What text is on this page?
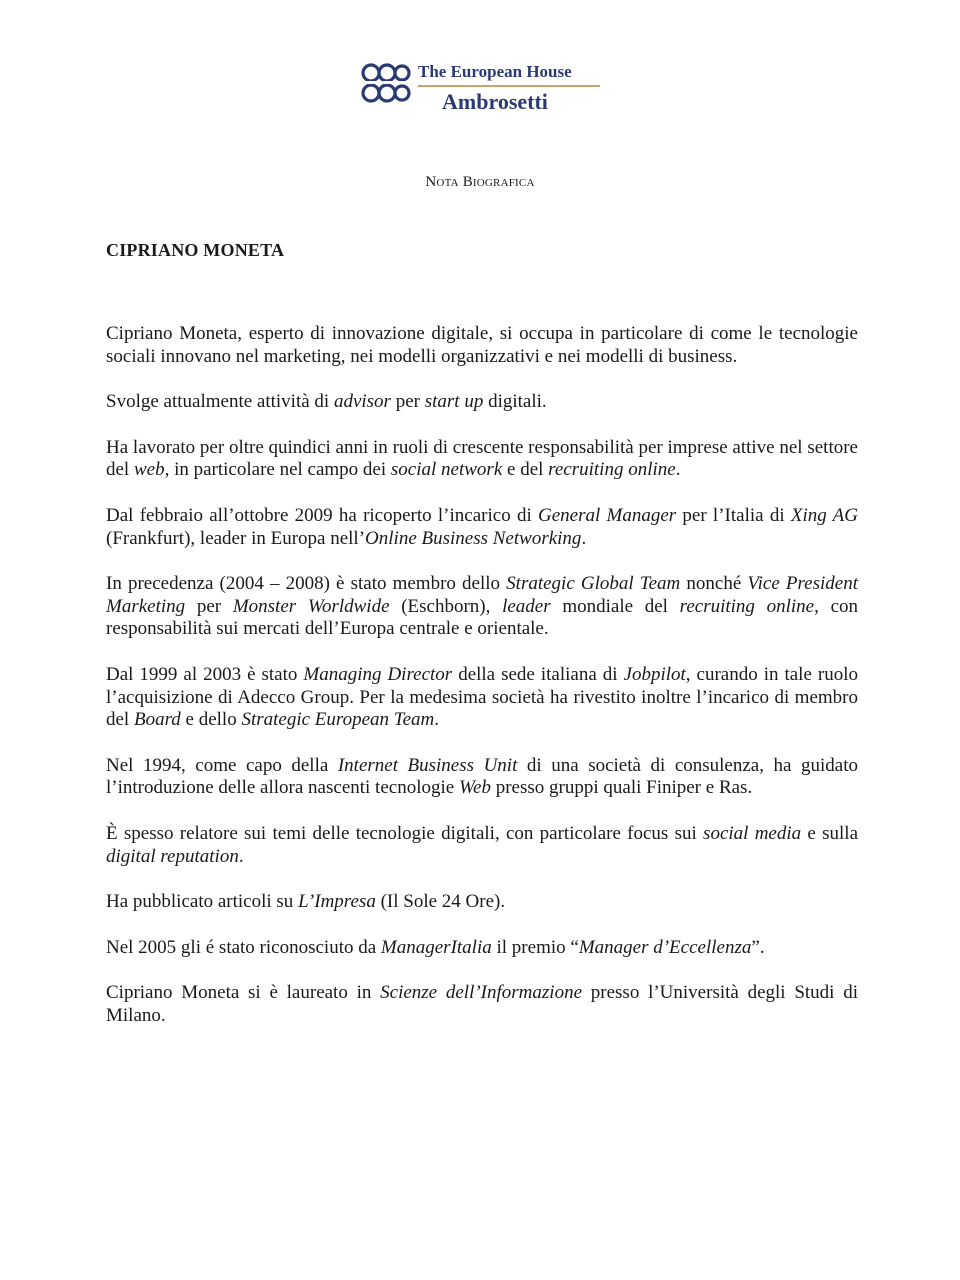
The European House
Ambrosetti
Nota Biografica
CIPRIANO MONETA

Cipriano Moneta, esperto di innovazione digitale, si occupa in particolare di come le tecnologie sociali innovano nel marketing, nei modelli organizzativi e nei modelli di business.

Svolge attualmente attività di advisor per start up digitali.

Ha lavorato per oltre quindici anni in ruoli di crescente responsabilità per imprese attive nel settore del web, in particolare nel campo dei social network e del recruiting online.

Dal febbraio all’ottobre 2009 ha ricoperto l’incarico di General Manager per l’Italia di Xing AG (Frankfurt), leader in Europa nell’Online Business Networking.

In precedenza (2004 – 2008) è stato membro dello Strategic Global Team nonché Vice President Marketing per Monster Worldwide (Eschborn), leader mondiale del recruiting online, con responsabilità sui mercati dell’Europa centrale e orientale.

Dal 1999 al 2003 è stato Managing Director della sede italiana di Jobpilot, curando in tale ruolo l’acquisizione di Adecco Group. Per la medesima società ha rivestito inoltre l’incarico di membro del Board e dello Strategic European Team.

Nel 1994, come capo della Internet Business Unit di una società di consulenza, ha guidato l’introduzione delle allora nascenti tecnologie Web presso gruppi quali Finiper e Ras.

È spesso relatore sui temi delle tecnologie digitali, con particolare focus sui social media e sulla digital reputation.

Ha pubblicato articoli su L’Impresa (Il Sole 24 Ore).

Nel 2005 gli é stato riconosciuto da ManagerItalia il premio “Manager d’Eccellenza”.

Cipriano Moneta si è laureato in Scienze dell’Informazione presso l’Università degli Studi di Milano.
